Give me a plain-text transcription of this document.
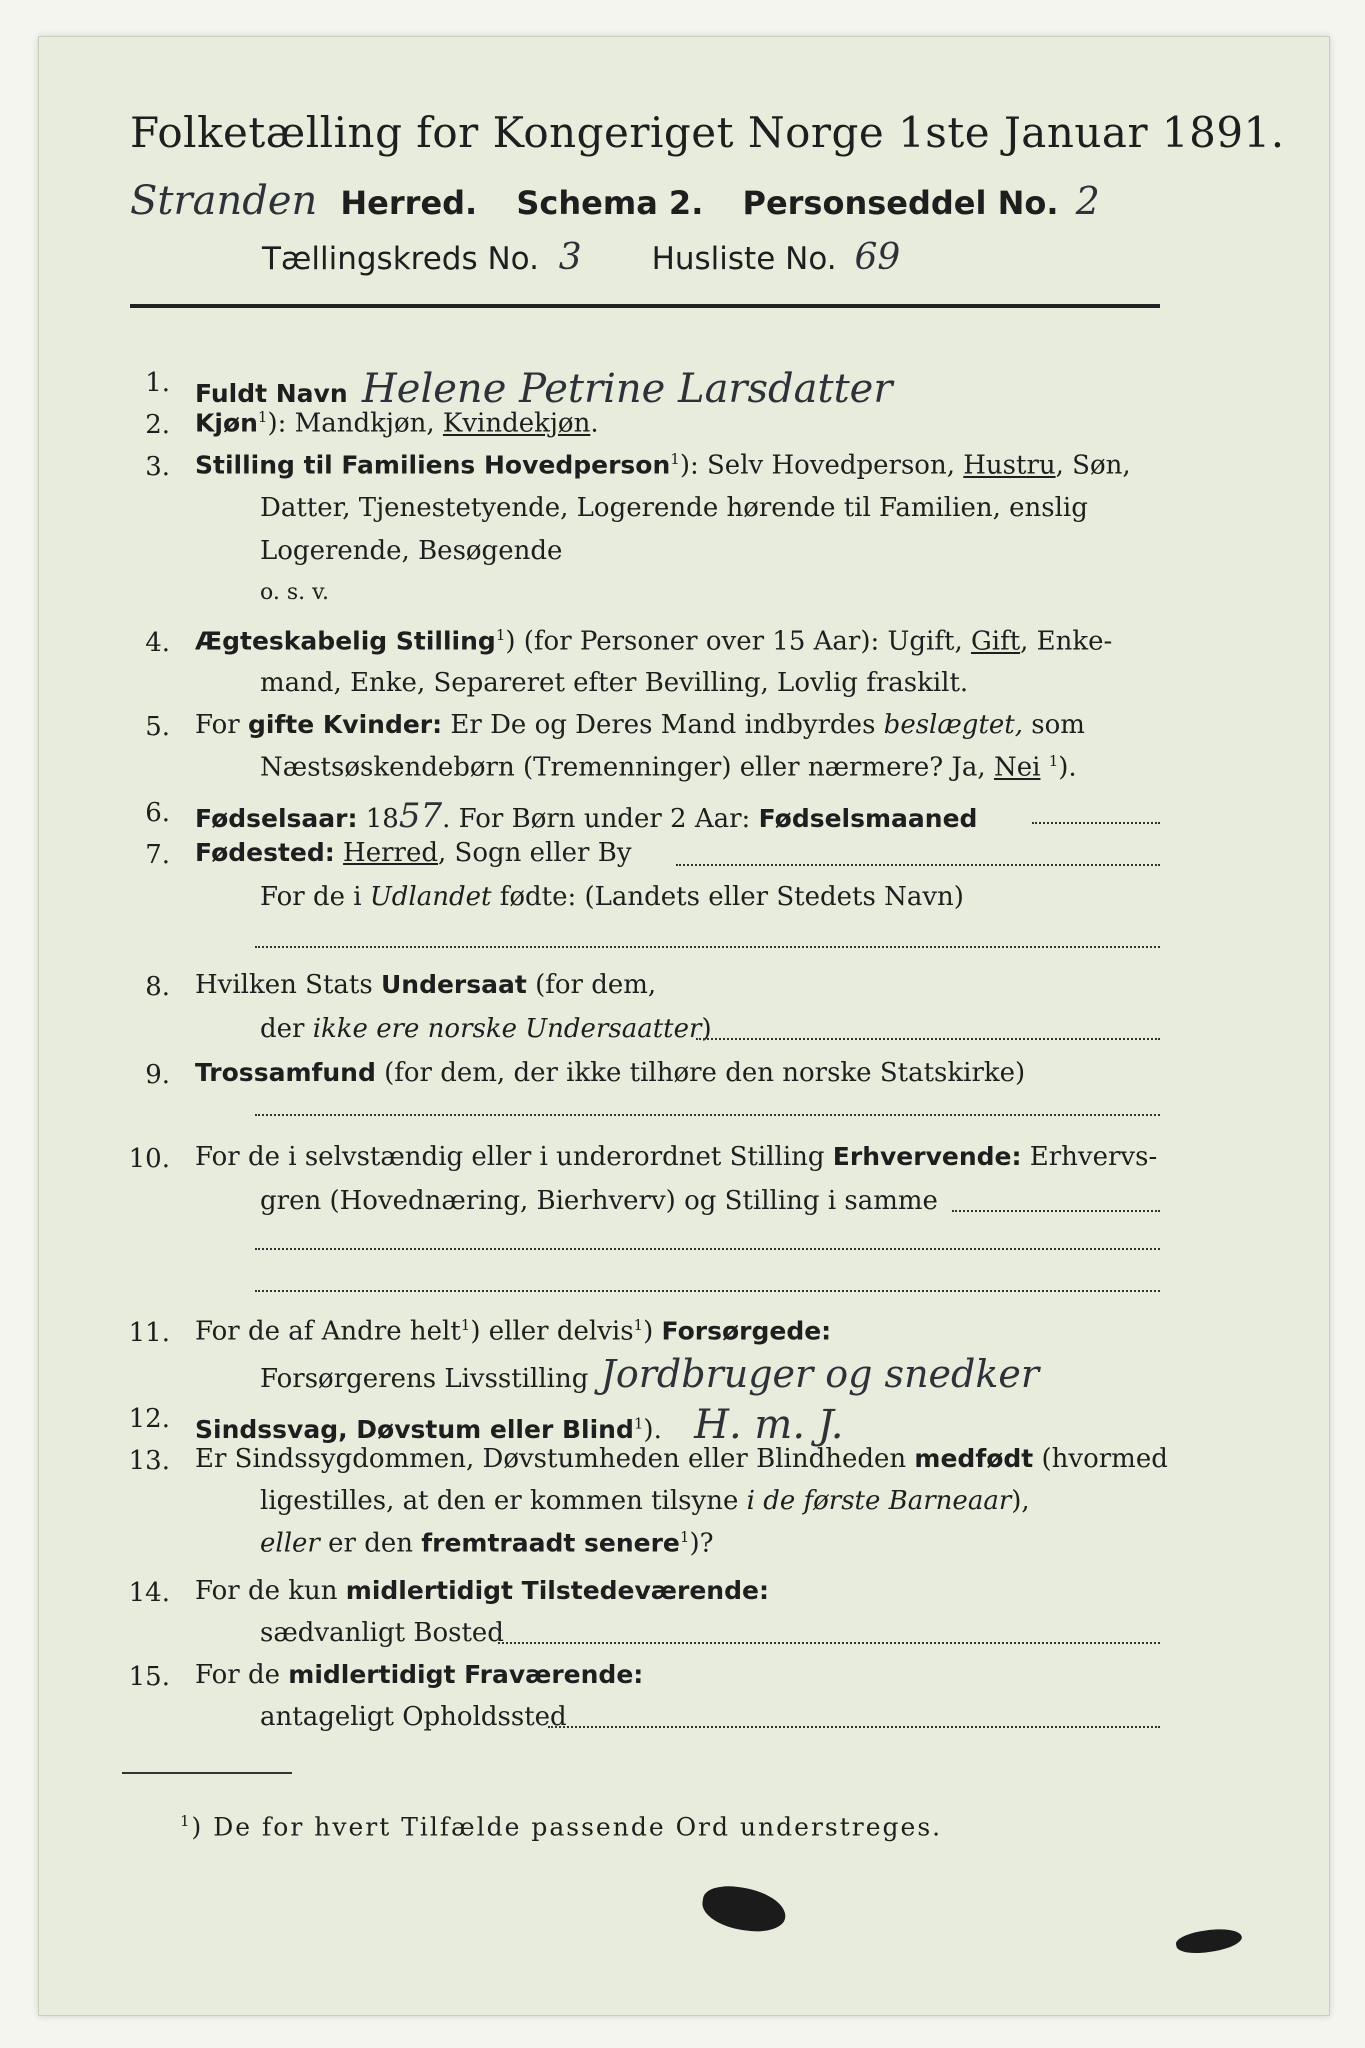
Folketælling for Kongeriget Norge 1ste Januar 1891.
Stranden Herred. Schema 2. Personseddel No. 2
Tællingskreds No. 3 Husliste No. 69
1. Fuldt Navn Helene Petrine Larsdatter
2. Kjøn$^1$): Mandkjøn, Kvindekjøn.
3. Stilling til Familiens Hovedperson$^1$): Selv Hovedperson, Hustru, Søn,
Datter, Tjenestetyende, Logerende hørende til Familien, enslig
Logerende, Besøgende
o. s. v.
4. Ægteskabelig Stilling$^1$) (for Personer over 15 Aar): Ugift, Gift, Enke-
mand, Enke, Separeret efter Bevilling, Lovlig fraskilt.
5. For gifte Kvinder: Er De og Deres Mand indbyrdes beslægtet, som
Næstsøskendebørn (Tremenninger) eller nærmere? Ja, Nei $^1$).
6. Fødselsaar: 1857. For Børn under 2 Aar: Fødselsmaaned
7. Fødested: Herred, Sogn eller By
For de i Udlandet fødte: (Landets eller Stedets Navn)
8. Hvilken Stats Undersaat (for dem,
der ikke ere norske Undersaatter)
9. Trossamfund (for dem, der ikke tilhøre den norske Statskirke)
10. For de i selvstændig eller i underordnet Stilling Erhvervende: Erhvervs-
gren (Hovednæring, Bierhverv) og Stilling i samme
11. For de af Andre helt$^1$) eller delvis$^1$) Forsørgede:
Forsørgerens Livsstilling Jordbruger og snedker
12. Sindssvag, Døvstum eller Blind$^1$). H. m. J.
13. Er Sindssygdommen, Døvstumheden eller Blindheden medfødt (hvormed
ligestilles, at den er kommen tilsyne i de første Barneaar),
eller er den fremtraadt senere$^1$)?
14. For de kun midlertidigt Tilstedeværende:
sædvanligt Bosted
15. For de midlertidigt Fraværende:
antageligt Opholdssted
$^1$) De for hvert Tilfælde passende Ord understreges.
